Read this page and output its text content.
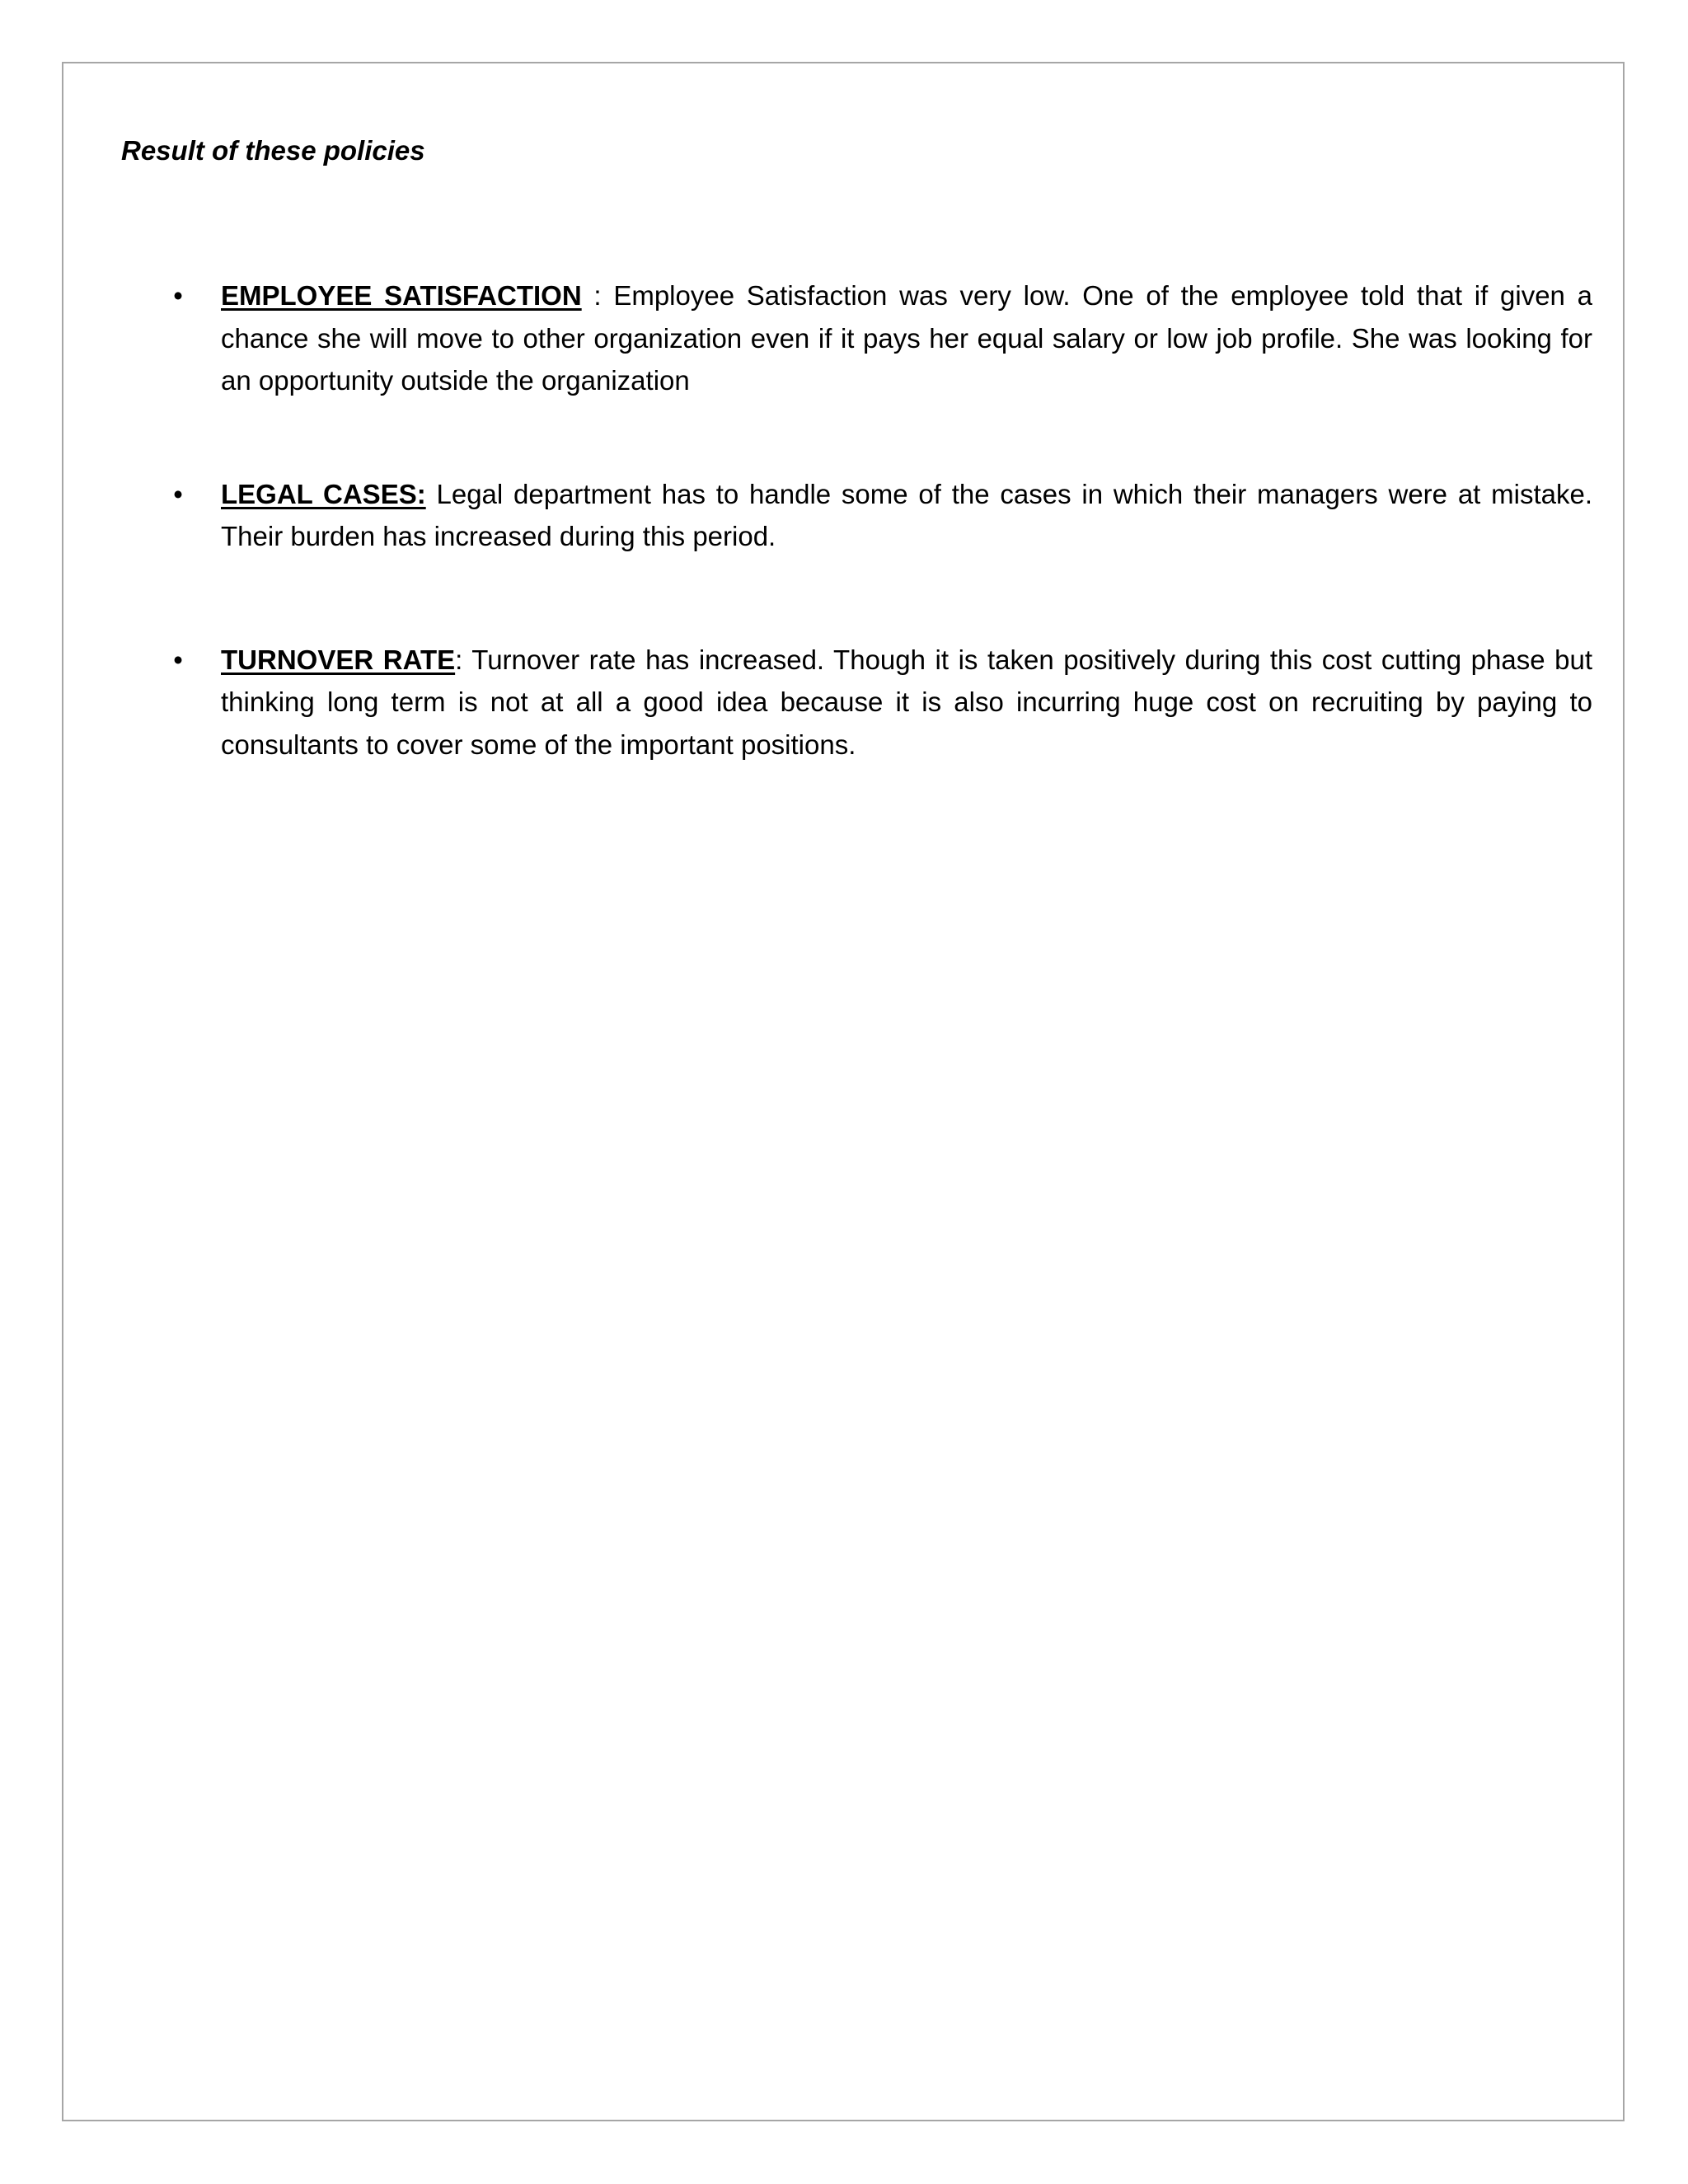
Result of these policies
• EMPLOYEE SATISFACTION : Employee Satisfaction was very low. One of the employee told that if given a chance she will move to other organization even if it pays her equal salary or low job profile. She was looking for an opportunity outside the organization
• LEGAL CASES: Legal department has to handle some of the cases in which their managers were at mistake. Their burden has increased during this period.
• TURNOVER RATE: Turnover rate has increased. Though it is taken positively during this cost cutting phase but thinking long term is not at all a good idea because it is also incurring huge cost on recruiting by paying to consultants to cover some of the important positions.
